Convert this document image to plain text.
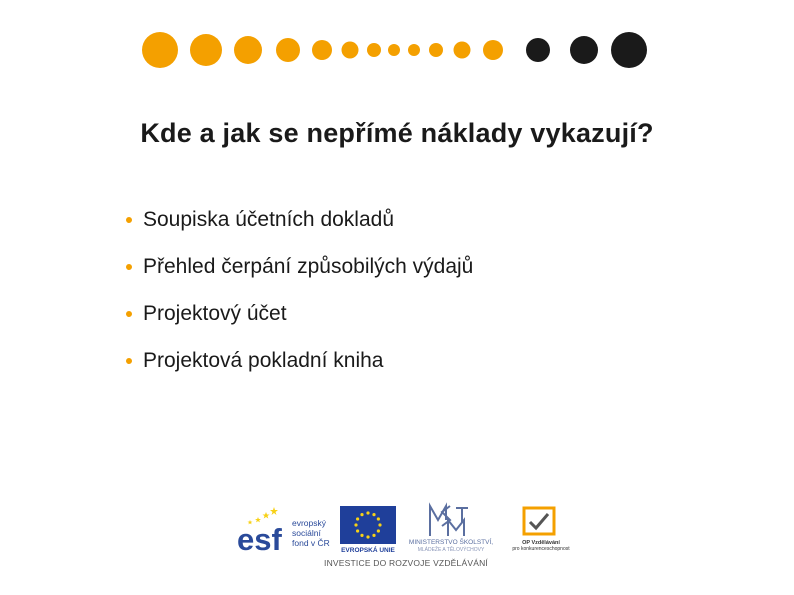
Kde a jak se nepřímé náklady vykazují?
Soupiska účetních dokladů
Přehled čerpání způsobilých výdajů
Projektový účet
Projektová pokladní kniha
esf evropský
sociální
fond v ČR
EVROPSKÁ UNIE
MINISTERSTVO ŠKOLSTVÍ,
MLÁDEŽE A TĚLOVÝCHOVY
OP Vzdělávání
pro konkurenceschopnost
INVESTICE DO ROZVOJE VZDĚLÁVÁNÍ
